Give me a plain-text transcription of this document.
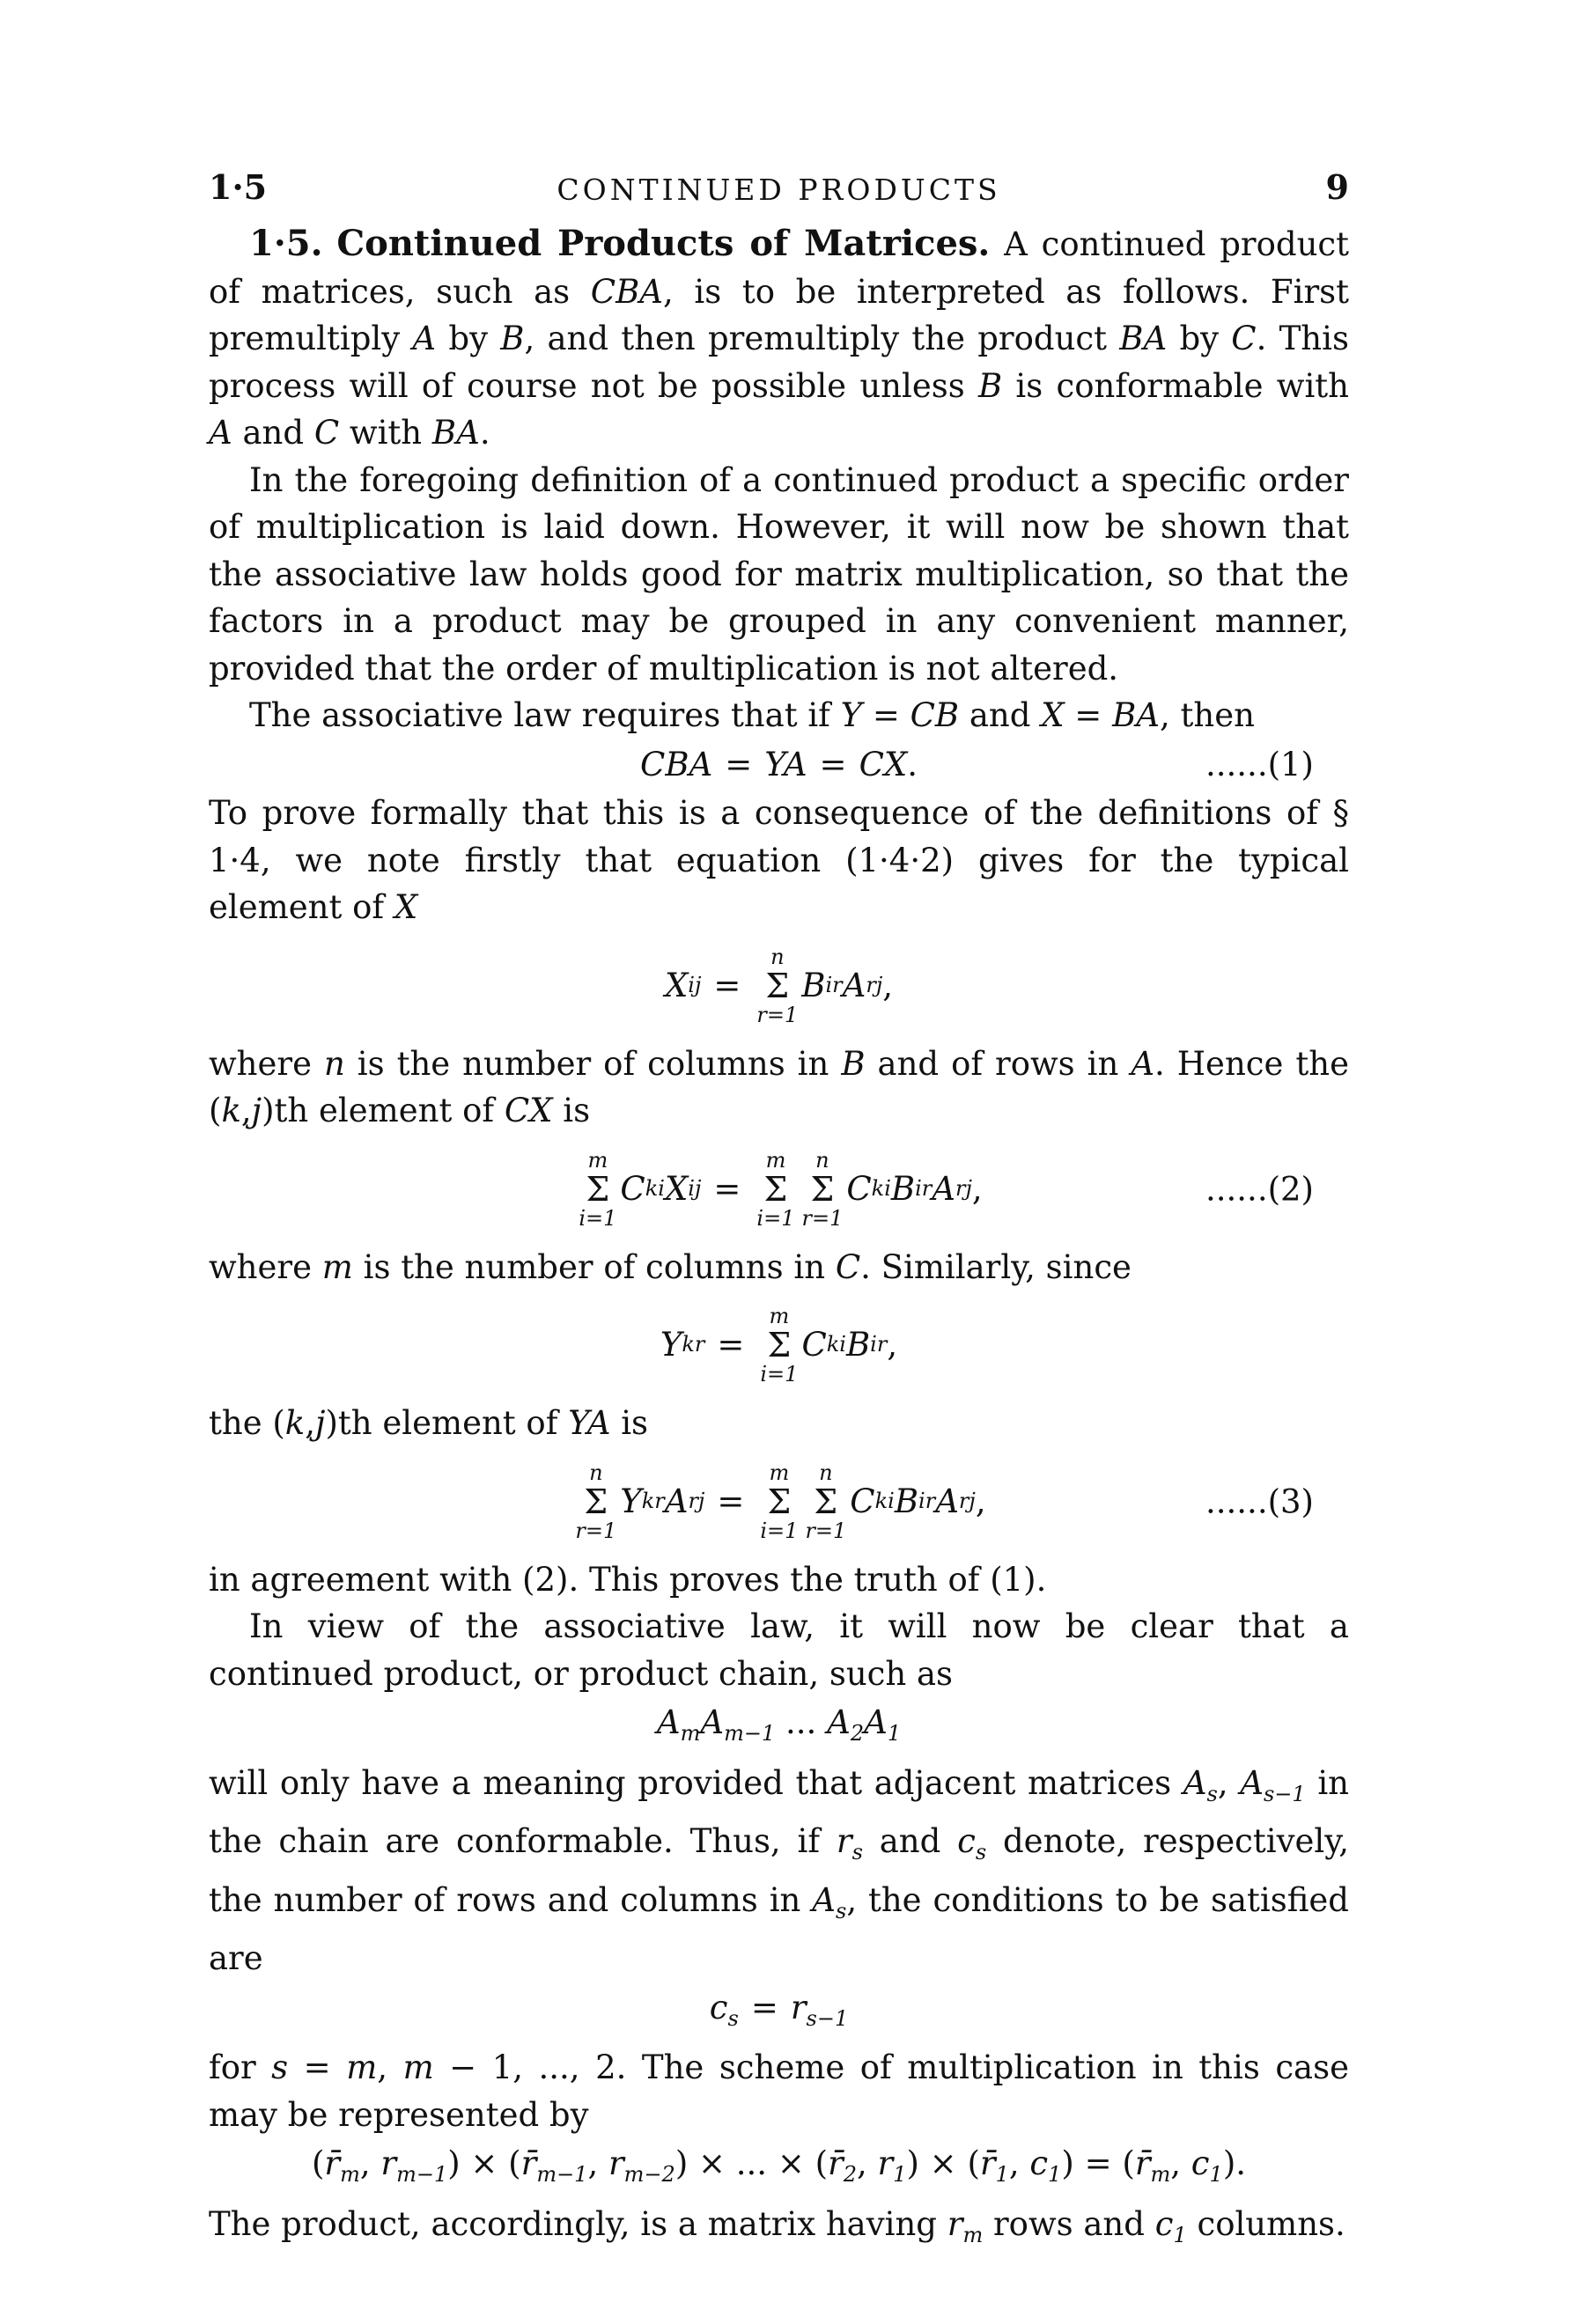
1·5	CONTINUED PRODUCTS	9

1·5. Continued Products of Matrices. A continued product of matrices, such as CBA, is to be interpreted as follows. First premultiply A by B, and then premultiply the product BA by C. This process will of course not be possible unless B is conformable with A and C with BA.

In the foregoing definition of a continued product a specific order of multiplication is laid down. However, it will now be shown that the associative law holds good for matrix multiplication, so that the factors in a product may be grouped in any convenient manner, provided that the order of multiplication is not altered.

The associative law requires that if Y = CB and X = BA, then

CBA = YA = CX.	......(1)

To prove formally that this is a consequence of the definitions of § 1·4, we note firstly that equation (1·4·2) gives for the typical element of X

X ij =
n
Σ
r=1
B ir A rj ,

where n is the number of columns in B and of rows in A. Hence the (k,j)th element of CX is

m
Σ
i=1
C ki X ij =
m
Σ
i=1
n
Σ
r=1
C ki B ir A rj ,	......(2)

where m is the number of columns in C. Similarly, since

Y kr =
m
Σ
i=1
C ki B ir ,

the (k,j)th element of YA is

n
Σ
r=1
Y kr A rj =
m
Σ
i=1
n
Σ
r=1
C ki B ir A rj ,	......(3)

in agreement with (2). This proves the truth of (1).

In view of the associative law, it will now be clear that a continued product, or product chain, such as

$A_mA_{m-1}$ ... $A_2A_1$

will only have a meaning provided that adjacent matrices $A_s$, $A_{s-1}$ in the chain are conformable. Thus, if $r_s$ and $c_s$ denote, respectively, the number of rows and columns in $A_s$, the conditions to be satisfied are

$c_s = r_{s-1}$

for s = m, m − 1, ..., 2. The scheme of multiplication in this case may be represented by

($r̄_m$, $r_{m-1}$) × ($r̄_{m-1}$, $r_{m-2}$) × ... × ($r̄_2$, $r_1$) × ($r̄_1$, $c_1$) = ($r̄_m$, $c_1$).

The product, accordingly, is a matrix having $r_m$ rows and $c_1$ columns.
